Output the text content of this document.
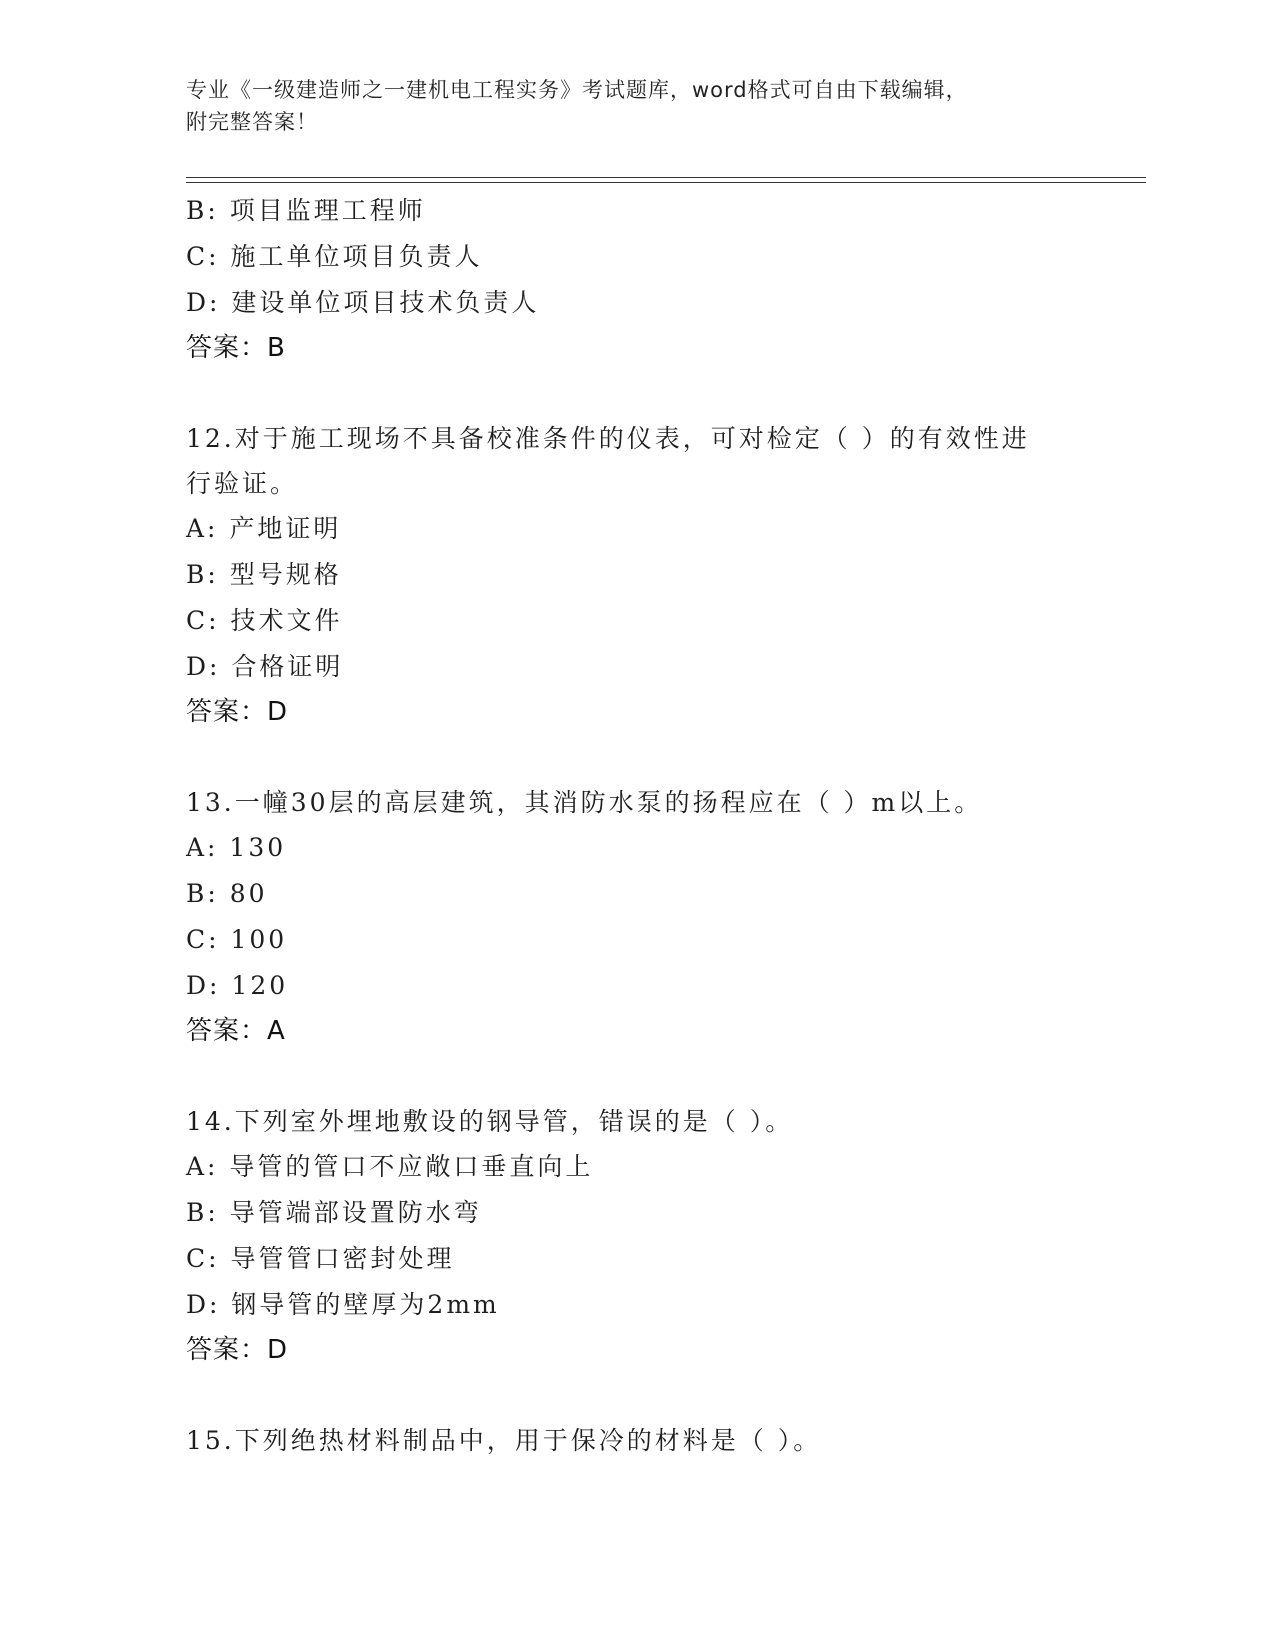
专业《一级建造师之一建机电工程实务》考试题库，word格式可自由下载编辑，
附完整答案！
B: 项目监理工程师
C: 施工单位项目负责人
D: 建设单位项目技术负责人
答案：B
12.对于施工现场不具备校准条件的仪表，可对检定（ ）的有效性进
行验证。
A: 产地证明
B: 型号规格
C: 技术文件
D: 合格证明
答案：D
13.一幢30层的高层建筑，其消防水泵的扬程应在（ ）m以上。
A: 130
B: 80
C: 100
D: 120
答案：A
14.下列室外埋地敷设的钢导管，错误的是（ ）。
A: 导管的管口不应敞口垂直向上
B: 导管端部设置防水弯
C: 导管管口密封处理
D: 钢导管的壁厚为2mm
答案：D
15.下列绝热材料制品中，用于保冷的材料是（ ）。
